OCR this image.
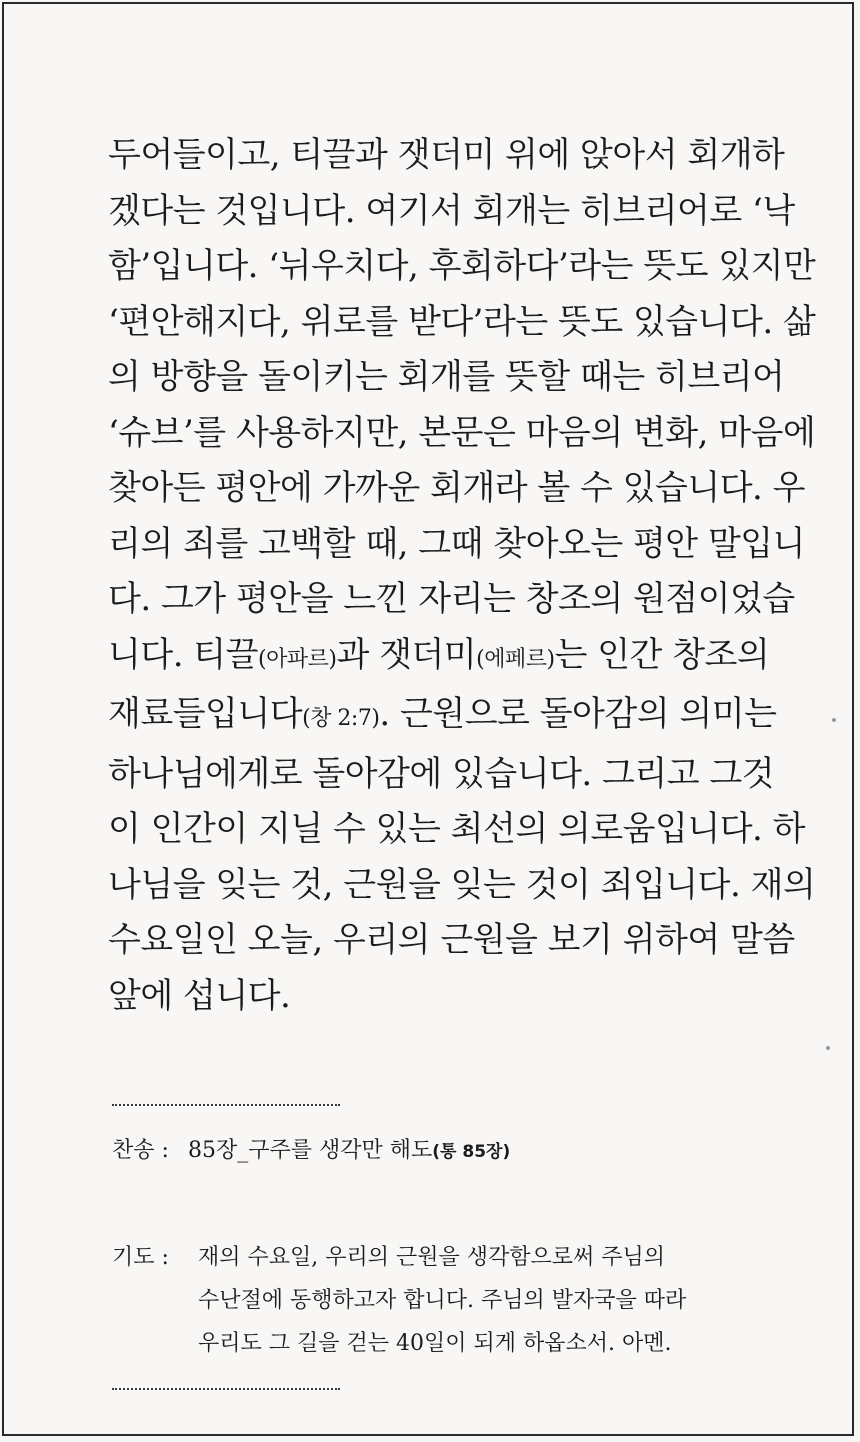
두어들이고, 티끌과 잿더미 위에 앉아서 회개하
겠다는 것입니다. 여기서 회개는 히브리어로 ‘낙
함’입니다. ‘뉘우치다, 후회하다’라는 뜻도 있지만
‘편안해지다, 위로를 받다’라는 뜻도 있습니다. 삶
의 방향을 돌이키는 회개를 뜻할 때는 히브리어
‘슈브’를 사용하지만, 본문은 마음의 변화, 마음에
찾아든 평안에 가까운 회개라 볼 수 있습니다. 우
리의 죄를 고백할 때, 그때 찾아오는 평안 말입니
다. 그가 평안을 느낀 자리는 창조의 원점이었습
니다. 티끌(아파르)과 잿더미(에페르)는 인간 창조의
재료들입니다(창 2:7). 근원으로 돌아감의 의미는
하나님에게로 돌아감에 있습니다. 그리고 그것
이 인간이 지닐 수 있는 최선의 의로움입니다. 하
나님을 잊는 것, 근원을 잊는 것이 죄입니다. 재의
수요일인 오늘, 우리의 근원을 보기 위하여 말씀
앞에 섭니다.
찬송 : 85장_구주를 생각만 해도(통 85장)
기도 : 재의 수요일, 우리의 근원을 생각함으로써 주님의
수난절에 동행하고자 합니다. 주님의 발자국을 따라
우리도 그 길을 걷는 40일이 되게 하옵소서. 아멘.
